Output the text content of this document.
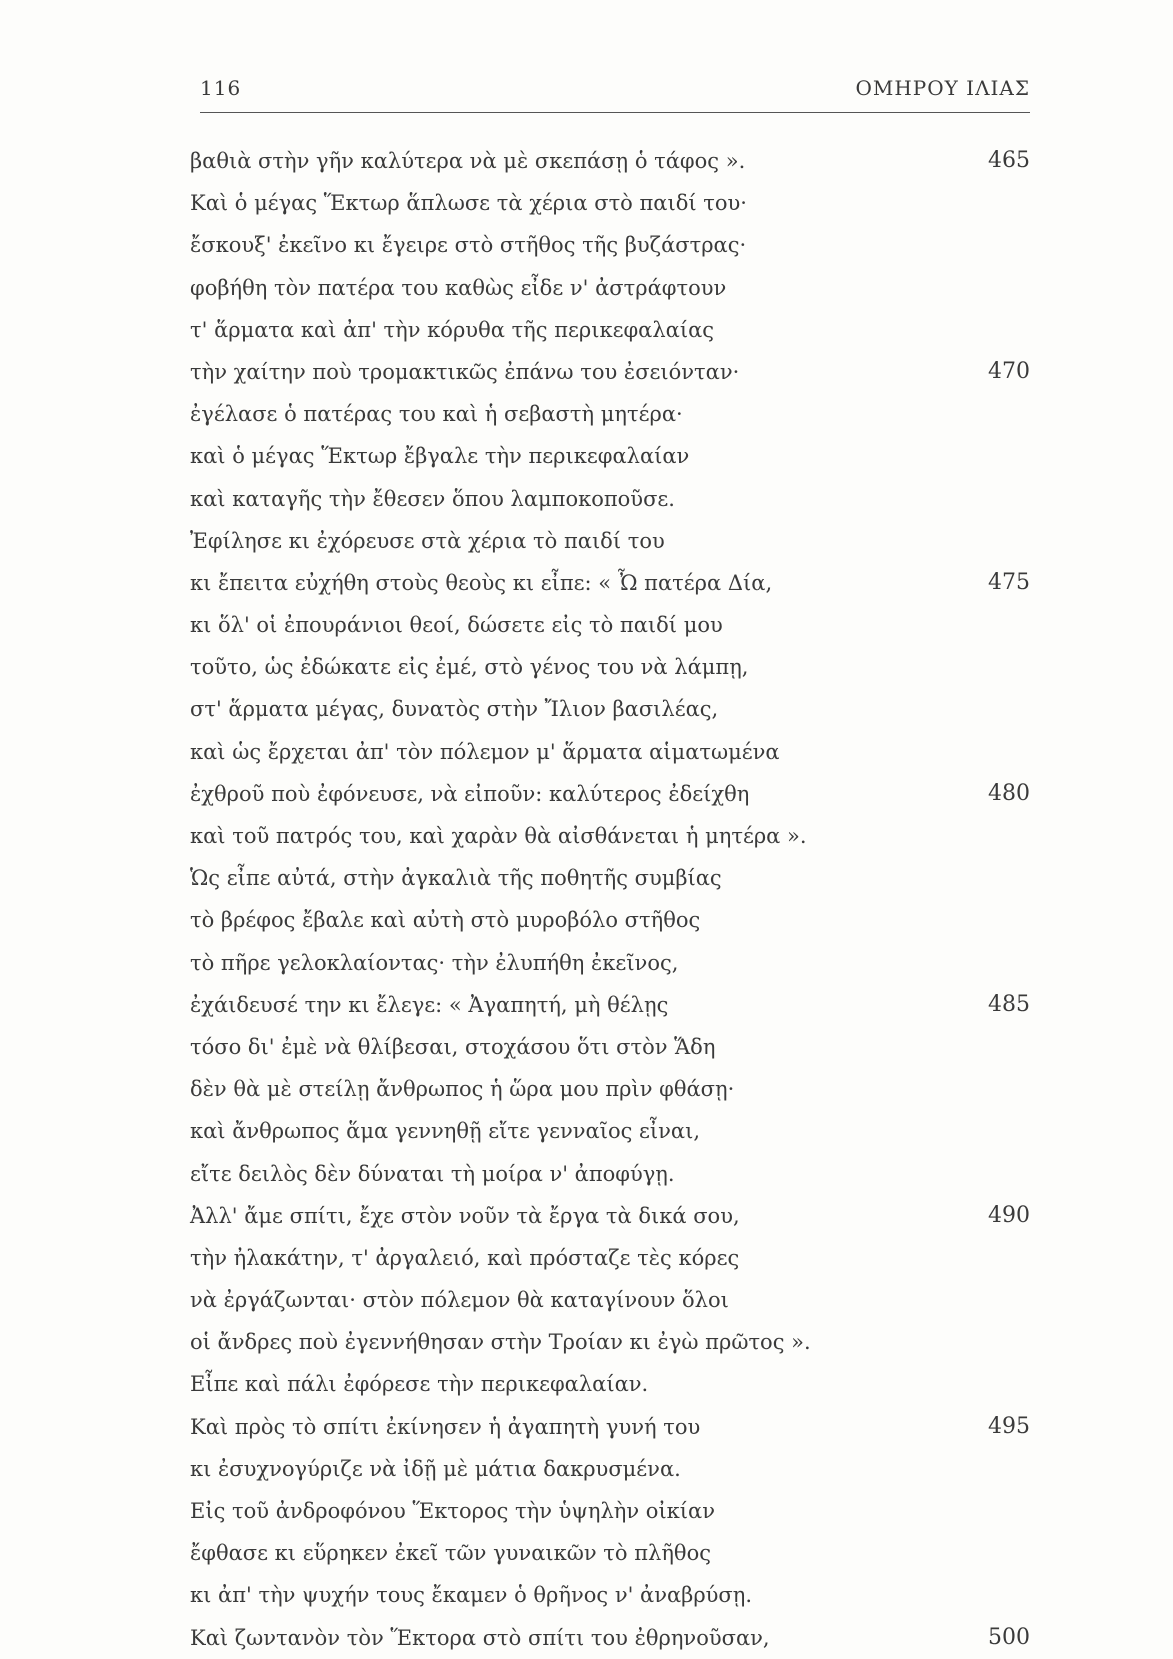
116	ΟΜΗΡΟΥ ΙΛΙΑΣ
βαθιὰ στὴν γῆν καλύτερα νὰ μὲ σκεπάσῃ ὁ τάφος ».	465
Καὶ ὁ μέγας Ἕκτωρ ἅπλωσε τὰ χέρια στὸ παιδί του·
ἔσκουξ' ἐκεῖνο κι ἔγειρε στὸ στῆθος τῆς βυζάστρας·
φοβήθη τὸν πατέρα του καθὼς εἶδε ν' ἀστράφτουν
τ' ἅρματα καὶ ἀπ' τὴν κόρυθα τῆς περικεφαλαίας
τὴν χαίτην ποὺ τρομακτικῶς ἐπάνω του ἐσειόνταν·	470
ἐγέλασε ὁ πατέρας του καὶ ἡ σεβαστὴ μητέρα·
καὶ ὁ μέγας Ἕκτωρ ἔβγαλε τὴν περικεφαλαίαν
καὶ καταγῆς τὴν ἔθεσεν ὅπου λαμποκοποῦσε.
Ἐφίλησε κι ἐχόρευσε στὰ χέρια τὸ παιδί του
κι ἔπειτα εὐχήθη στοὺς θεοὺς κι εἶπε: « Ὦ πατέρα Δία,	475
κι ὅλ' οἱ ἐπουράνιοι θεοί, δώσετε εἰς τὸ παιδί μου
τοῦτο, ὡς ἐδώκατε εἰς ἐμέ, στὸ γένος του νὰ λάμπῃ,
στ' ἅρματα μέγας, δυνατὸς στὴν Ἴλιον βασιλέας,
καὶ ὡς ἔρχεται ἀπ' τὸν πόλεμον μ' ἅρματα αἱματωμένα
ἐχθροῦ ποὺ ἐφόνευσε, νὰ εἰποῦν: καλύτερος ἐδείχθη	480
καὶ τοῦ πατρός του, καὶ χαρὰν θὰ αἰσθάνεται ἡ μητέρα ».
Ὡς εἶπε αὐτά, στὴν ἀγκαλιὰ τῆς ποθητῆς συμβίας
τὸ βρέφος ἔβαλε καὶ αὐτὴ στὸ μυροβόλο στῆθος
τὸ πῆρε γελοκλαίοντας· τὴν ἐλυπήθη ἐκεῖνος,
ἐχάιδευσέ την κι ἔλεγε: « Ἀγαπητή, μὴ θέλῃς	485
τόσο δι' ἐμὲ νὰ θλίβεσαι, στοχάσου ὅτι στὸν Ἅδη
δὲν θὰ μὲ στείλῃ ἄνθρωπος ἡ ὥρα μου πρὶν φθάσῃ·
καὶ ἄνθρωπος ἅμα γεννηθῇ εἴτε γενναῖος εἶναι,
εἴτε δειλὸς δὲν δύναται τὴ μοίρα ν' ἀποφύγῃ.
Ἀλλ' ἄμε σπίτι, ἔχε στὸν νοῦν τὰ ἔργα τὰ δικά σου,	490
τὴν ἠλακάτην, τ' ἀργαλειό, καὶ πρόσταζε τὲς κόρες
νὰ ἐργάζωνται· στὸν πόλεμον θὰ καταγίνουν ὅλοι
οἱ ἄνδρες ποὺ ἐγεννήθησαν στὴν Τροίαν κι ἐγὼ πρῶτος ».
Εἶπε καὶ πάλι ἐφόρεσε τὴν περικεφαλαίαν.
Καὶ πρὸς τὸ σπίτι ἐκίνησεν ἡ ἀγαπητὴ γυνή του	495
κι ἐσυχνογύριζε νὰ ἰδῇ μὲ μάτια δακρυσμένα.
Εἰς τοῦ ἀνδροφόνου Ἕκτορος τὴν ὑψηλὴν οἰκίαν
ἔφθασε κι εὕρηκεν ἐκεῖ τῶν γυναικῶν τὸ πλῆθος
κι ἀπ' τὴν ψυχήν τους ἔκαμεν ὁ θρῆνος ν' ἀναβρύσῃ.
Καὶ ζωντανὸν τὸν Ἕκτορα στὸ σπίτι του ἐθρηνοῦσαν,	500
